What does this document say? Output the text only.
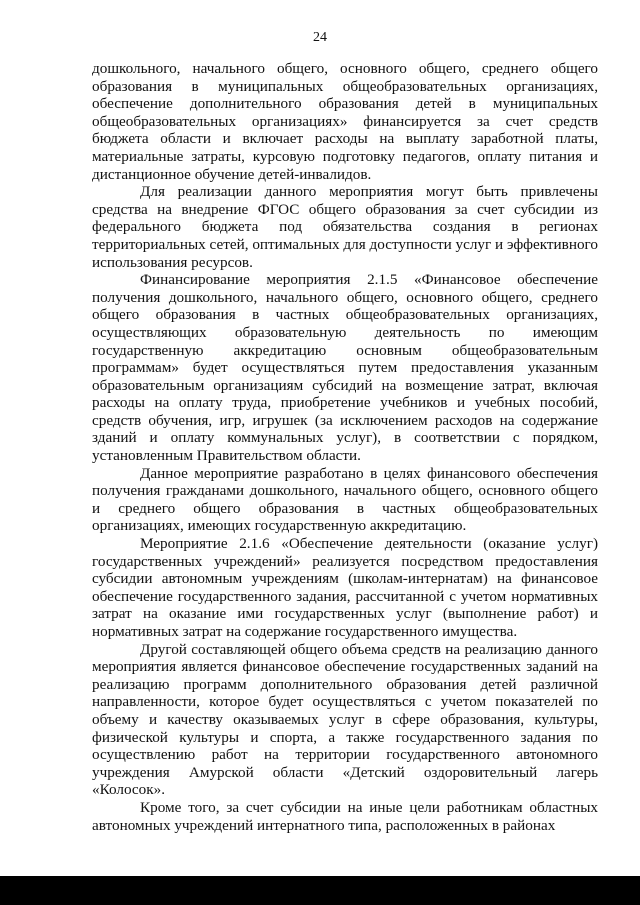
24

дошкольного, начального общего, основного общего, среднего общего образования в муниципальных общеобразовательных организациях, обеспечение дополнительного образования детей в муниципальных общеобразовательных организациях» финансируется за счет средств бюджета области и включает расходы на выплату заработной платы, материальные затраты, курсовую подготовку педагогов, оплату питания и дистанционное обучение детей-инвалидов.

Для реализации данного мероприятия могут быть привлечены средства на внедрение ФГОС общего образования за счет субсидии из федерального бюджета под обязательства создания в регионах территориальных сетей, оптимальных для доступности услуг и эффективного использования ресурсов.

Финансирование мероприятия 2.1.5 «Финансовое обеспечение получения дошкольного, начального общего, основного общего, среднего общего образования в частных общеобразовательных организациях, осуществляющих образовательную деятельность по имеющим государственную аккредитацию основным общеобразовательным программам» будет осуществляться путем предоставления указанным образовательным организациям субсидий на возмещение затрат, включая расходы на оплату труда, приобретение учебников и учебных пособий, средств обучения, игр, игрушек (за исключением расходов на содержание зданий и оплату коммунальных услуг), в соответствии с порядком, установленным Правительством области.

Данное мероприятие разработано в целях финансового обеспечения получения гражданами дошкольного, начального общего, основного общего и среднего общего образования в частных общеобразовательных организациях, имеющих государственную аккредитацию.

Мероприятие 2.1.6 «Обеспечение деятельности (оказание услуг) государственных учреждений» реализуется посредством предоставления субсидии автономным учреждениям (школам-интернатам) на финансовое обеспечение государственного задания, рассчитанной с учетом нормативных затрат на оказание ими государственных услуг (выполнение работ) и нормативных затрат на содержание государственного имущества.

Другой составляющей общего объема средств на реализацию данного мероприятия является финансовое обеспечение государственных заданий на реализацию программ дополнительного образования детей различной направленности, которое будет осуществляться с учетом показателей по объему и качеству оказываемых услуг в сфере образования, культуры, физической культуры и спорта, а также государственного задания по осуществлению работ на территории государственного автономного учреждения Амурской области «Детский оздоровительный лагерь «Колосок».

Кроме того, за счет субсидии на иные цели работникам областных автономных учреждений интернатного типа, расположенных в районах
